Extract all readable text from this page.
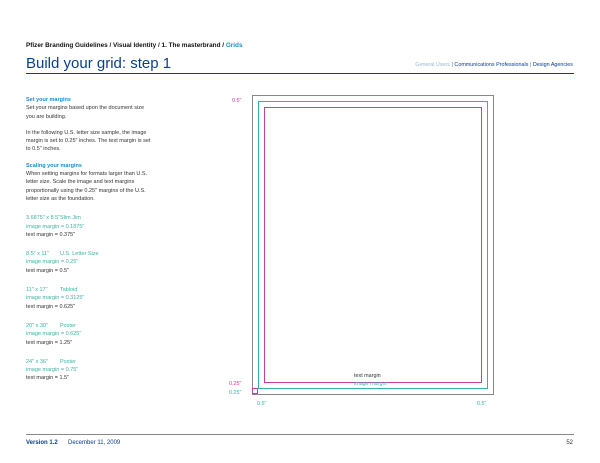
Pfizer Branding Guidelines / Visual Identity / 1. The masterbrand / Grids
Build your grid: step 1	General Users | Communications Professionals | Design Agencies
Set your margins

Set your margins based upon the document size you are building.

In the following U.S. letter size sample, the image margin is set to 0.25" inches. The text margin is set to 0.5" inches.

Scaling your margins

When setting margins for formats larger than U.S. letter size. Scale the image and text margins proportionally using the 0.25" margins of the U.S. letter size as the foundation.

3.6875" x 8.5"Slim Jim
image margin = 0.1875"
text margin = 0.375"
8.5" x 11" U.S. Letter Size
image margin = 0.25"
text margin = 0.5"
11" x 17" Tabloid
image margin = 0.3125"
text margin = 0.625"
20" x 30" Poster
image margin = 0.625"
text margin = 1.25"
24" x 36" Poster
image margin = 0.75"
text margin = 1.5"
0.5"
text margin
image margin
0.25"
0.25"
0.5"	0.5"
Version 1.2 December 11, 2009	52
